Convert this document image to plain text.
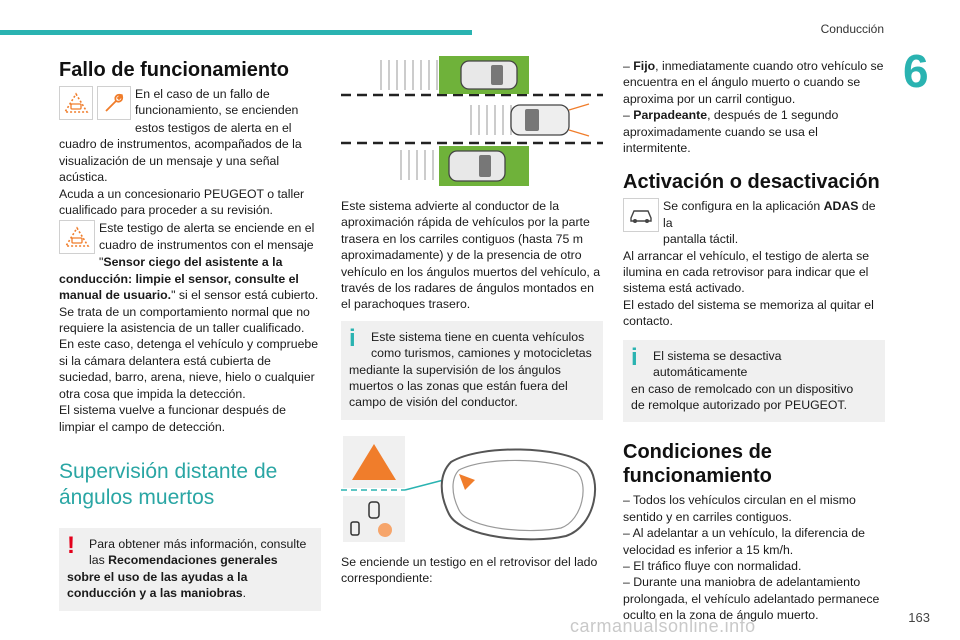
Conducción
6
Fallo de funcionamiento

En el caso de un fallo de

funcionamiento, se encienden

estos testigos de alerta en el cuadro de instrumentos, acompañados de la visualización de un mensaje y una señal acústica.

Acuda a un concesionario PEUGEOT o taller cualificado para proceder a su revisión.

Este testigo de alerta se enciende en el

cuadro de instrumentos con el mensaje

"Sensor ciego del asistente a la conducción: limpie el sensor, consulte el manual de usuario." si el sensor está cubierto.

Se trata de un comportamiento normal que no requiere la asistencia de un taller cualificado.

En este caso, detenga el vehículo y compruebe si la cámara delantera está cubierta de suciedad, barro, arena, nieve, hielo o cualquier otra cosa que impida la detección.

El sistema vuelve a funcionar después de limpiar el campo de detección.

Supervisión distante de ángulos muertos
!	Para obtener más información, consulte

las Recomendaciones generales sobre el uso de las ayudas a la conducción y a las maniobras.

Este sistema advierte al conductor de la aproximación rápida de vehículos por la parte trasera en los carriles contiguos (hasta 75 m aproximadamente) y de la presencia de otro vehículo en los ángulos muertos del vehículo, a través de los radares de ángulos montados en el parachoques trasero.

i	Este sistema tiene en cuenta vehículos

como turismos, camiones y motocicletas

mediante la supervisión de los ángulos muertos o las zonas que están fuera del campo de visión del conductor.

Se enciende un testigo en el retrovisor del lado correspondiente:

– Fijo, inmediatamente cuando otro vehículo se encuentra en el ángulo muerto o cuando se aproxima por un carril contiguo.

– Parpadeante, después de 1 segundo aproximadamente cuando se usa el intermitente.

Activación o desactivación

Se configura en la aplicación ADAS de la

pantalla táctil.

Al arrancar el vehículo, el testigo de alerta se ilumina en cada retrovisor para indicar que el sistema está activado.

El estado del sistema se memoriza al quitar el contacto.

i	El sistema se desactiva automáticamente

en caso de remolcado con un dispositivo

de remolque autorizado por PEUGEOT.

Condiciones de funcionamiento

– Todos los vehículos circulan en el mismo sentido y en carriles contiguos.

– Al adelantar a un vehículo, la diferencia de velocidad es inferior a 15 km/h.

– El tráfico fluye con normalidad.

– Durante una maniobra de adelantamiento prolongada, el vehículo adelantado permanece oculto en la zona de ángulo muerto.

carmanualsonline.info	163
